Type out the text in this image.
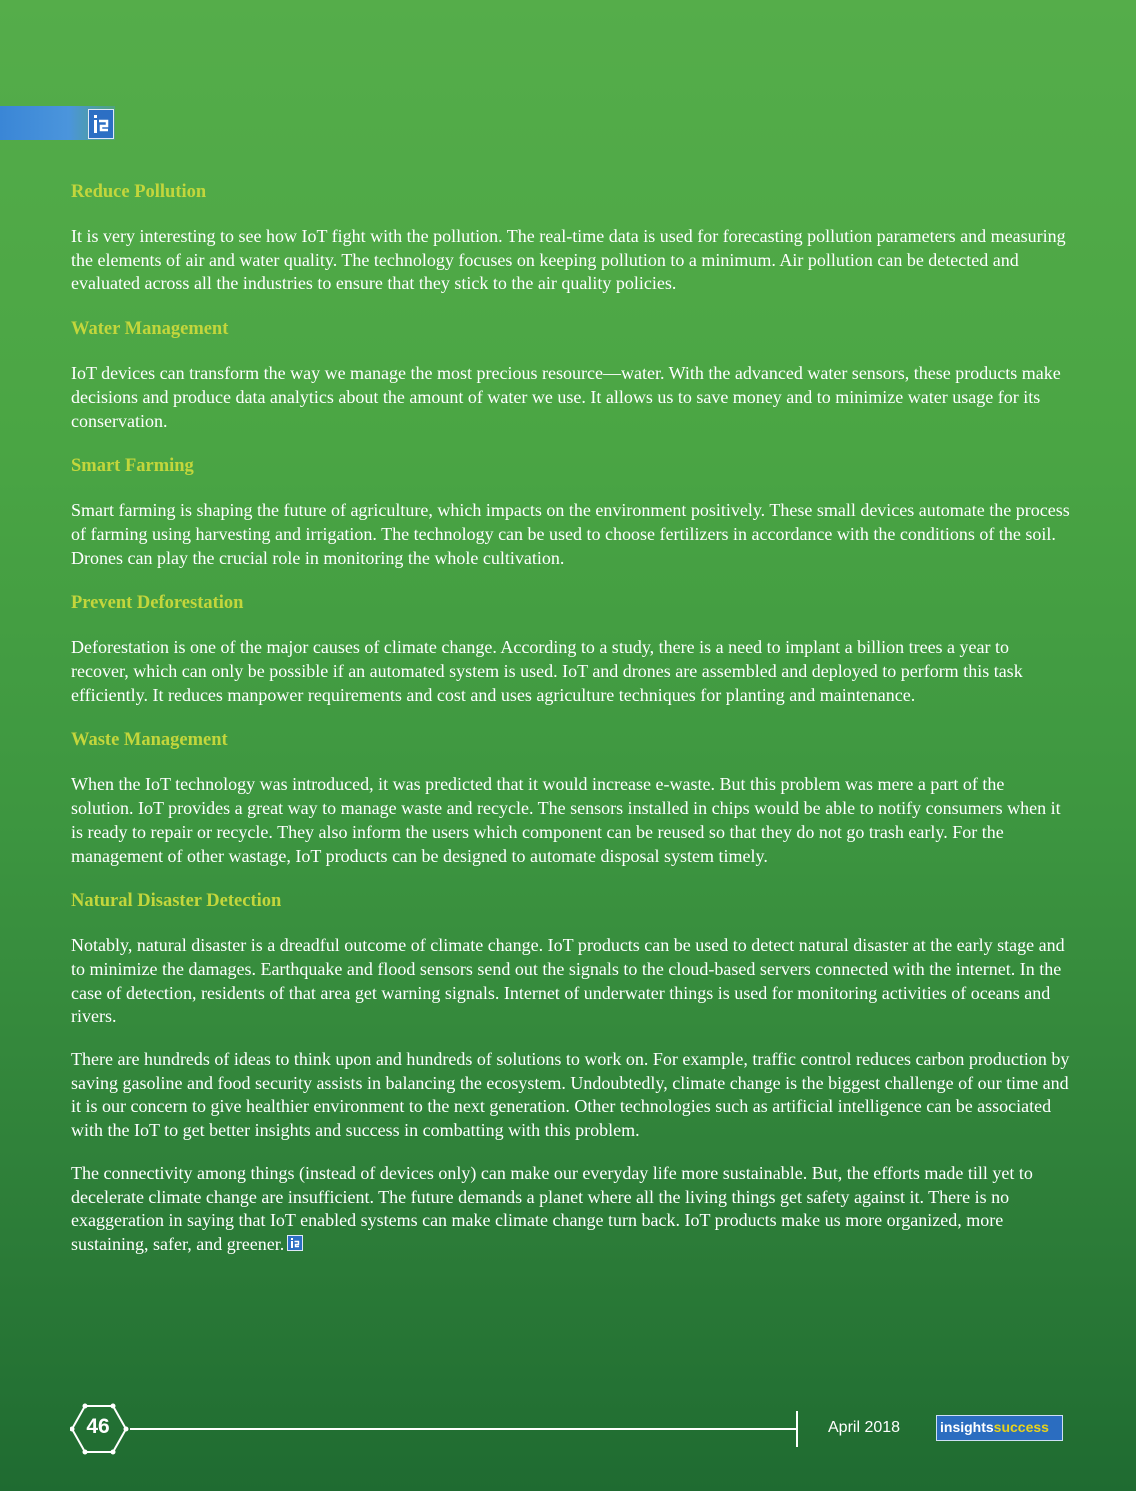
Reduce Pollution

It is very interesting to see how IoT fight with the pollution. The real-time data is used for forecasting pollution parameters and measuring the elements of air and water quality. The technology focuses on keeping pollution to a minimum. Air pollution can be detected and evaluated across all the industries to ensure that they stick to the air quality policies.

Water Management

IoT devices can transform the way we manage the most precious resource—water. With the advanced water sensors, these products make decisions and produce data analytics about the amount of water we use. It allows us to save money and to minimize water usage for its conservation.

Smart Farming

Smart farming is shaping the future of agriculture, which impacts on the environment positively. These small devices automate the process of farming using harvesting and irrigation. The technology can be used to choose fertilizers in accordance with the conditions of the soil. Drones can play the crucial role in monitoring the whole cultivation.

Prevent Deforestation

Deforestation is one of the major causes of climate change. According to a study, there is a need to implant a billion trees a year to recover, which can only be possible if an automated system is used. IoT and drones are assembled and deployed to perform this task efficiently. It reduces manpower requirements and cost and uses agriculture techniques for planting and maintenance.

Waste Management

When the IoT technology was introduced, it was predicted that it would increase e-waste. But this problem was mere a part of the solution. IoT provides a great way to manage waste and recycle. The sensors installed in chips would be able to notify consumers when it is ready to repair or recycle. They also inform the users which component can be reused so that they do not go trash early. For the management of other wastage, IoT products can be designed to automate disposal system timely.

Natural Disaster Detection

Notably, natural disaster is a dreadful outcome of climate change. IoT products can be used to detect natural disaster at the early stage and to minimize the damages. Earthquake and flood sensors send out the signals to the cloud-based servers connected with the internet. In the case of detection, residents of that area get warning signals. Internet of underwater things is used for monitoring activities of oceans and rivers.

There are hundreds of ideas to think upon and hundreds of solutions to work on. For example, traffic control reduces carbon production by saving gasoline and food security assists in balancing the ecosystem. Undoubtedly, climate change is the biggest challenge of our time and it is our concern to give healthier environment to the next generation. Other technologies such as artificial intelligence can be associated with the IoT to get better insights and success in combatting with this problem.

The connectivity among things (instead of devices only) can make our everyday life more sustainable. But, the efforts made till yet to decelerate climate change are insufficient. The future demands a planet where all the living things get safety against it. There is no exaggeration in saying that IoT enabled systems can make climate change turn back. IoT products make us more organized, more sustaining, safer, and greener.

46	April 2018	insightssuccess
